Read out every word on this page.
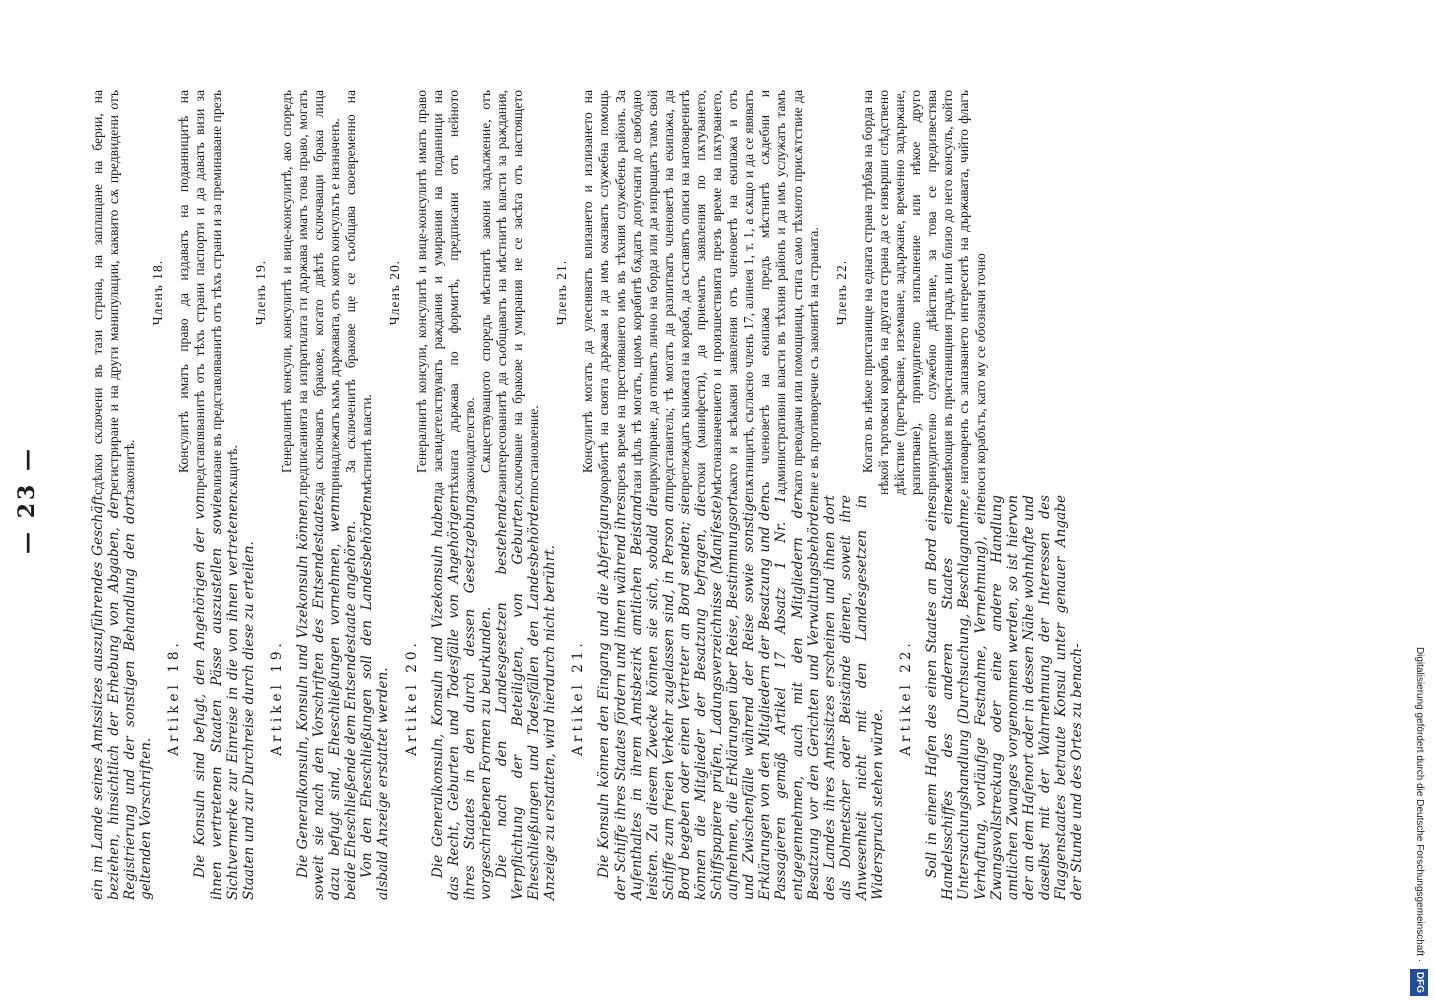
— 23 —	ein im Lande seines Amtssitzes auszuführendes Geschäft beziehen, hinsichtlich der Erhebung von Abgaben, der Registrierung und der sonstigen Behandlung den dort geltenden Vorschriften.

Artikel 18. Die Konsuln sind befugt, den Angehörigen der von ihnen vertretenen Staaten Pässe auszustellen sowie Sichtvermerke zur Einreise in die von ihnen vertretenen Staaten und zur Durchreise durch diese zu erteilen. Artikel 19. Die Generalkonsuln, Konsuln und Vizekonsuln können, soweit sie nach den Vorschriften des Entsendestaates dazu befugt sind, Eheschließungen vornehmen, wenn beide Eheschließende dem Entsendestaate angehören. Von den Eheschließungen soll den Landesbehörden alsbald Anzeige erstattet werden. Artikel 20. Die Generalkonsuln, Konsuln und Vizekonsuln haben das Recht, Geburten und Todesfälle von Angehörigen ihres Staates in den durch dessen Gesetzgebung vorgeschriebenen Formen zu beurkunden. Die nach den Landesgesetzen bestehende Verpflichtung der Beteiligten, von Geburten, Eheschließungen und Todesfällen den Landesbehörden Anzeige zu erstatten, wird hierdurch nicht berührt. Artikel 21. Die Konsuln können den Eingang und die Abfertigung der Schiffe ihres Staates fördern und ihnen während ihres Aufenthaltes in ihrem Amtsbezirk amtlichen Beistand leisten. Zu diesem Zwecke können sie sich, sobald die Schiffe zum freien Verkehr zugelassen sind, in Person an Bord begeben oder einen Vertreter an Bord senden; sie können die Mitglieder der Besatzung befragen, die Schiffspapiere prüfen, Ladungsverzeichnisse (Manifeste) aufnehmen, die Erklärungen über Reise, Bestimmungsort und Zwischenfälle während der Reise sowie sonstige Erklärungen von den Mitgliedern der Besatzung und den Passagieren gemäß Artikel 17 Absatz 1 Nr. 1 entgegennehmen, auch mit den Mitgliedern der Besatzung vor den Gerichten und Verwaltungsbehörden des Landes ihres Amtssitzes erscheinen und ihnen dort als Dolmetscher oder Beistände dienen, soweit ihre Anwesenheit nicht mit den Landesgesetzen in Widerspruch stehen würde.

Artikel 22. Soll in einem Hafen des einen Staates an Bord eines Handelsschiffes des anderen Staates eine Untersuchungshandlung (Durchsuchung, Beschlagnahme, Verhaftung, vorläufige Festnahme, Vernehmung), eine Zwangsvollstreckung oder eine andere Handlung amtlichen Zwanges vorgenommen werden, so ist hiervon der an dem Hafenort oder in dessen Nähe wohnhafte und daselbst mit der Wahrnehmung der Interessen des Flaggenstaates betraute Konsul unter genauer Angabe der Stunde und des Ortes zu benach-

сдѣлки сключени въ тази страна, на заплащане на берии, на регистриране и на други манипулации, каквито сѫ предвидени отъ законитѣ.

Членъ 18. Консулитѣ иматъ право да издаватъ на поданницитѣ на представляванитѣ отъ тѣхъ страни паспорти и да даватъ визи за влизане въ представляванитѣ отъ тѣхъ страни и за преминаване презъ сѫщитѣ.

Членъ 19. Генералнитѣ консули, консулитѣ и вице-консулитѣ, ако споредъ предписанията на изпратилата ги държава иматъ това право, могатъ да сключватъ бракове, когато двѣтѣ сключващи брака лица принадлежатъ къмъ държавата, отъ която консулътъ е назначенъ. За сключенитѣ бракове ще се съобщава своевременно на мѣстнитѣ власти.

Членъ 20. Генералнитѣ консули, консулитѣ и вице-консулитѣ иматъ право да засвидетелствуватъ раждания и умирания на поданници на тѣхната държава по формитѣ, предписани отъ нейното законодателство. Сѫществуващото споредъ мѣстнитѣ закони задължение, отъ заинтересованитѣ да съобщаватъ на мѣстнитѣ власти за раждания, сключване на бракове и умирания не се засѣга отъ настоящето постановление.

Членъ 21. Консулитѣ могатъ да улесняватъ влизането и излизането на корабитѣ на своята държава и да имъ оказватъ служебна помощь презъ време на престояването имъ въ тѣхния служебенъ районъ. За тази цѣль тѣ могатъ, щомъ корабитѣ бѫдатъ допуснати до свободно циркулиране, да отиватъ лично на борда или да изпращатъ тамъ свой представитель; тѣ могатъ да разпитватъ членоветѣ на екипажа, да преглеждатъ книжата на кораба, да съставятъ описи на натоваренитѣ стоки (манифести), да приематъ заявления по пѫтуването, мѣстоназначението и произшествията презъ време на пѫтуването, както и всѣкакви заявления отъ членоветѣ на екипажа и отъ пѫтницитѣ, съгласно членъ 17, алинея 1, т. 1, а сѫщо и да се явяватъ съ членоветѣ на екипажа предъ мѣстнитѣ сѫдебни и административни власти въ тѣхния районъ и да имъ услужатъ тамъ като преводачи или помощници, стига само тѣхното присѫтствие да не е въ противоречие съ законитѣ на страната. Членъ 22. Когато въ нѣкое пристанище на едната страна трѣбва на борда на нѣкой търговски корабъ на другата страна да се извърши слѣдствено дѣйствие (претърсване, изземване, задържане, временно задържане, разпитване), принудително изпълнение или нѣкое друго принудително служебно дѣйствие, за това се предизвестява живѣющия въ пристанищния градъ или близо до него консулъ, който е натоваренъ съ запазването интереситѣ на държавата, чийто флагъ носи корабътъ, като му се обозначи точно

Digitalisierung gefördert durch die Deutsche Forschungsgemeinschaft · DFG
